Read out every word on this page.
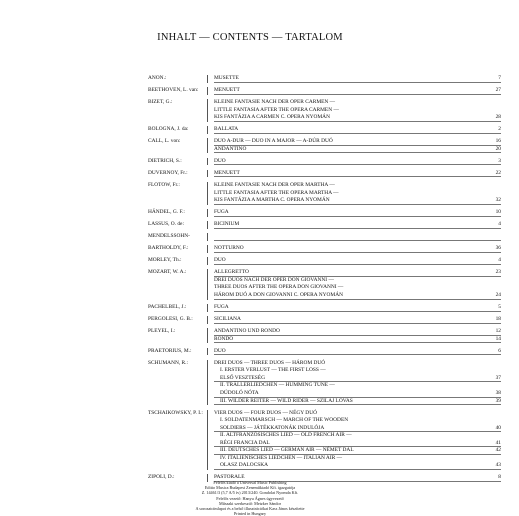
INHALT — CONTENTS — TARTALOM
ANON.:	MUSETTE	7
BEETHOVEN, L. van:	MENUETT	27
BIZET, G.:	KLEINE FANTASIE NACH DER OPER CARMEN —
LITTLE FANTASIA AFTER THE OPERA CARMEN —
KIS FANTÁZIA A CARMEN C. OPERA NYOMÁN	28
BOLOGNA, J. da:	BALLATA	2
CALL, L. von:	DUO A-DUR — DUO IN A MAJOR — A-DÚR DUÓ	16
ANDANTINO	20
DIETRICH, S.:	DUO	3
DUVERNOY, Fr.:	MENUETT	22
FLOTOW, Fr.:	KLEINE FANTASIE NACH DER OPER MARTHA —
LITTLE FANTASIA AFTER THE OPERA MARTHA —
KIS FANTÁZIA A MARTHA C. OPERA NYOMÁN	32
HÄNDEL, G. F.:	FUGA	10
LASSUS, O. de:	BICINIUM	4
MENDELSSOHN-
BARTHOLDY, F.:	NOTTURNO	36
MORLEY, Th.:	DUO	4
MOZART, W. A.:	ALLEGRETTO	23
DREI DUOS NACH DER OPER DON GIOVANNI —
THREE DUOS AFTER THE OPERA DON GIOVANNI —
HÁROM DUÓ A DON GIOVANNI C. OPERA NYOMÁN	24
PACHELBEL, J.:	FUGA	5
PERGOLESI, G. B.:	SICILIANA	18
PLEYEL, I.:	ANDANTINO UND RONDO	12
RONDO	14
PRAETORIUS, M.:	DUO	6
SCHUMANN, R.:	DREI DUOS — THREE DUOS — HÁROM DUÓ
I. ERSTER VERLUST — THE FIRST LOSS —
ELSŐ VESZTESÉG	37
II. TRÄLLERLIEDCHEN — HUMMING TUNE —
DÚDOLÓ NÓTA	38
III. WILDER REITER — WILD RIDER — SZILAJ LOVAS	39
TSCHAIKOWSKY, P. I.:	VIER DUOS — FOUR DUOS — NÉGY DUÓ
I. SOLDATENMARSCH — MARCH OF THE WOODEN
SOLDIERS — JÁTÉKKATONÁK INDULÓJA	40
II. ALTFRANZÖSISCHES LIED — OLD FRENCH AIR —
RÉGI FRANCIA DAL	41
III. DEUTSCHES LIED — GERMAN AIR — NÉMET DAL	42
IV. ITALIENISCHES LIEDCHEN — ITALIAN AIR —
OLASZ DALOCSKA	43
ZIPOLI, D.:	PASTORALE	8
Felelős kiadó a Universal Music Publishing
Editio Musica Budapest Zeneműkiadó Kft. igazgatója
Z. 14461/3 (5,7 A/5 ív) 2013/240. Gondolat Nyomda Kft.
Felelős vezető: Hanyu Ágnes ügyvezető
Műszaki szerkesztő: Metzker Sándor
A sorozatcímlapot és a belső illusztrációkat Kass János készítette
Printed in Hungary
